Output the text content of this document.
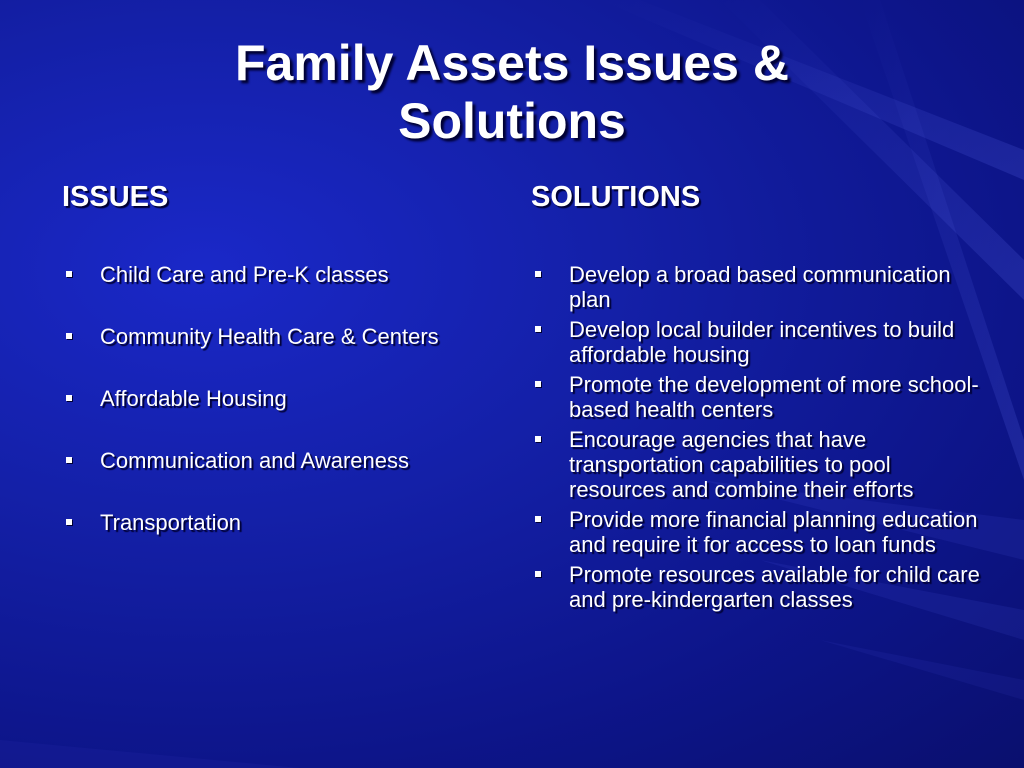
Family Assets Issues &
Solutions
ISSUES	SOLUTIONS
Child Care and Pre-K classes
Community Health Care & Centers
Affordable Housing
Communication and Awareness
Transportation
Develop a broad based communication plan
Develop local builder incentives to build affordable housing
Promote the development of more school-based health centers
Encourage agencies that have transportation capabilities to pool resources and combine their efforts
Provide more financial planning education and require it for access to loan funds
Promote resources available for child care and pre-kindergarten classes
